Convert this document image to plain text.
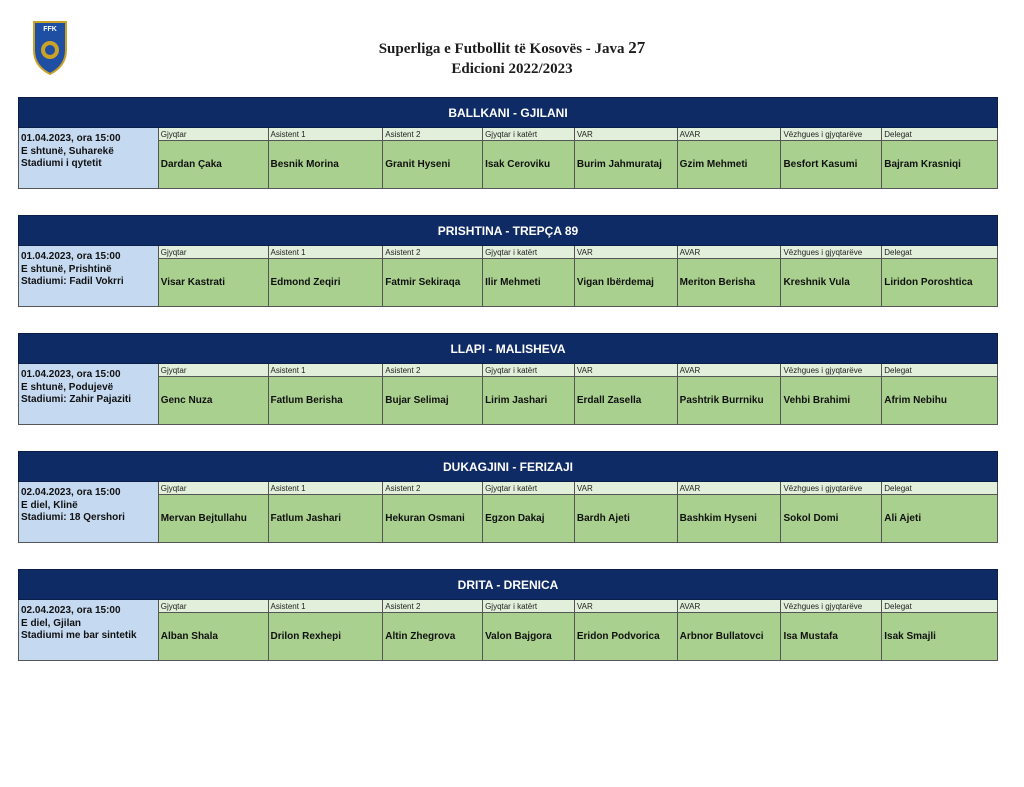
FFK
Superliga e Futbollit të Kosovës - Java 27
Edicioni 2022/2023
BALLKANI - GJILANI
01.04.2023, ora 15:00
E shtunë, Suharekë
Stadiumi i qytetit
Gjyqtar
Dardan Çaka
Asistent 1
Besnik Morina
Asistent 2
Granit Hyseni
Gjyqtar i katërt
Isak Ceroviku
VAR
Burim Jahmurataj
AVAR
Gzim Mehmeti
Vëzhgues i gjyqtarëve
Besfort Kasumi
Delegat
Bajram Krasniqi
PRISHTINA - TREPÇA 89
01.04.2023, ora 15:00
E shtunë, Prishtinë
Stadiumi: Fadil Vokrri
Gjyqtar
Visar Kastrati
Asistent 1
Edmond Zeqiri
Asistent 2
Fatmir Sekiraqa
Gjyqtar i katërt
Ilir Mehmeti
VAR
Vigan Ibërdemaj
AVAR
Meriton Berisha
Vëzhgues i gjyqtarëve
Kreshnik Vula
Delegat
Liridon Poroshtica
LLAPI - MALISHEVA
01.04.2023, ora 15:00
E shtunë, Podujevë
Stadiumi: Zahir Pajaziti
Gjyqtar
Genc Nuza
Asistent 1
Fatlum Berisha
Asistent 2
Bujar Selimaj
Gjyqtar i katërt
Lirim Jashari
VAR
Erdall Zasella
AVAR
Pashtrik Burrniku
Vëzhgues i gjyqtarëve
Vehbi Brahimi
Delegat
Afrim Nebihu
DUKAGJINI - FERIZAJI
02.04.2023, ora 15:00
E diel, Klinë
Stadiumi: 18 Qershori
Gjyqtar
Mervan Bejtullahu
Asistent 1
Fatlum Jashari
Asistent 2
Hekuran Osmani
Gjyqtar i katërt
Egzon Dakaj
VAR
Bardh Ajeti
AVAR
Bashkim Hyseni
Vëzhgues i gjyqtarëve
Sokol Domi
Delegat
Ali Ajeti
DRITA - DRENICA
02.04.2023, ora 15:00
E diel, Gjilan
Stadiumi me bar sintetik
Gjyqtar
Alban Shala
Asistent 1
Drilon Rexhepi
Asistent 2
Altin Zhegrova
Gjyqtar i katërt
Valon Bajgora
VAR
Eridon Podvorica
AVAR
Arbnor Bullatovci
Vëzhgues i gjyqtarëve
Isa Mustafa
Delegat
Isak Smajli
